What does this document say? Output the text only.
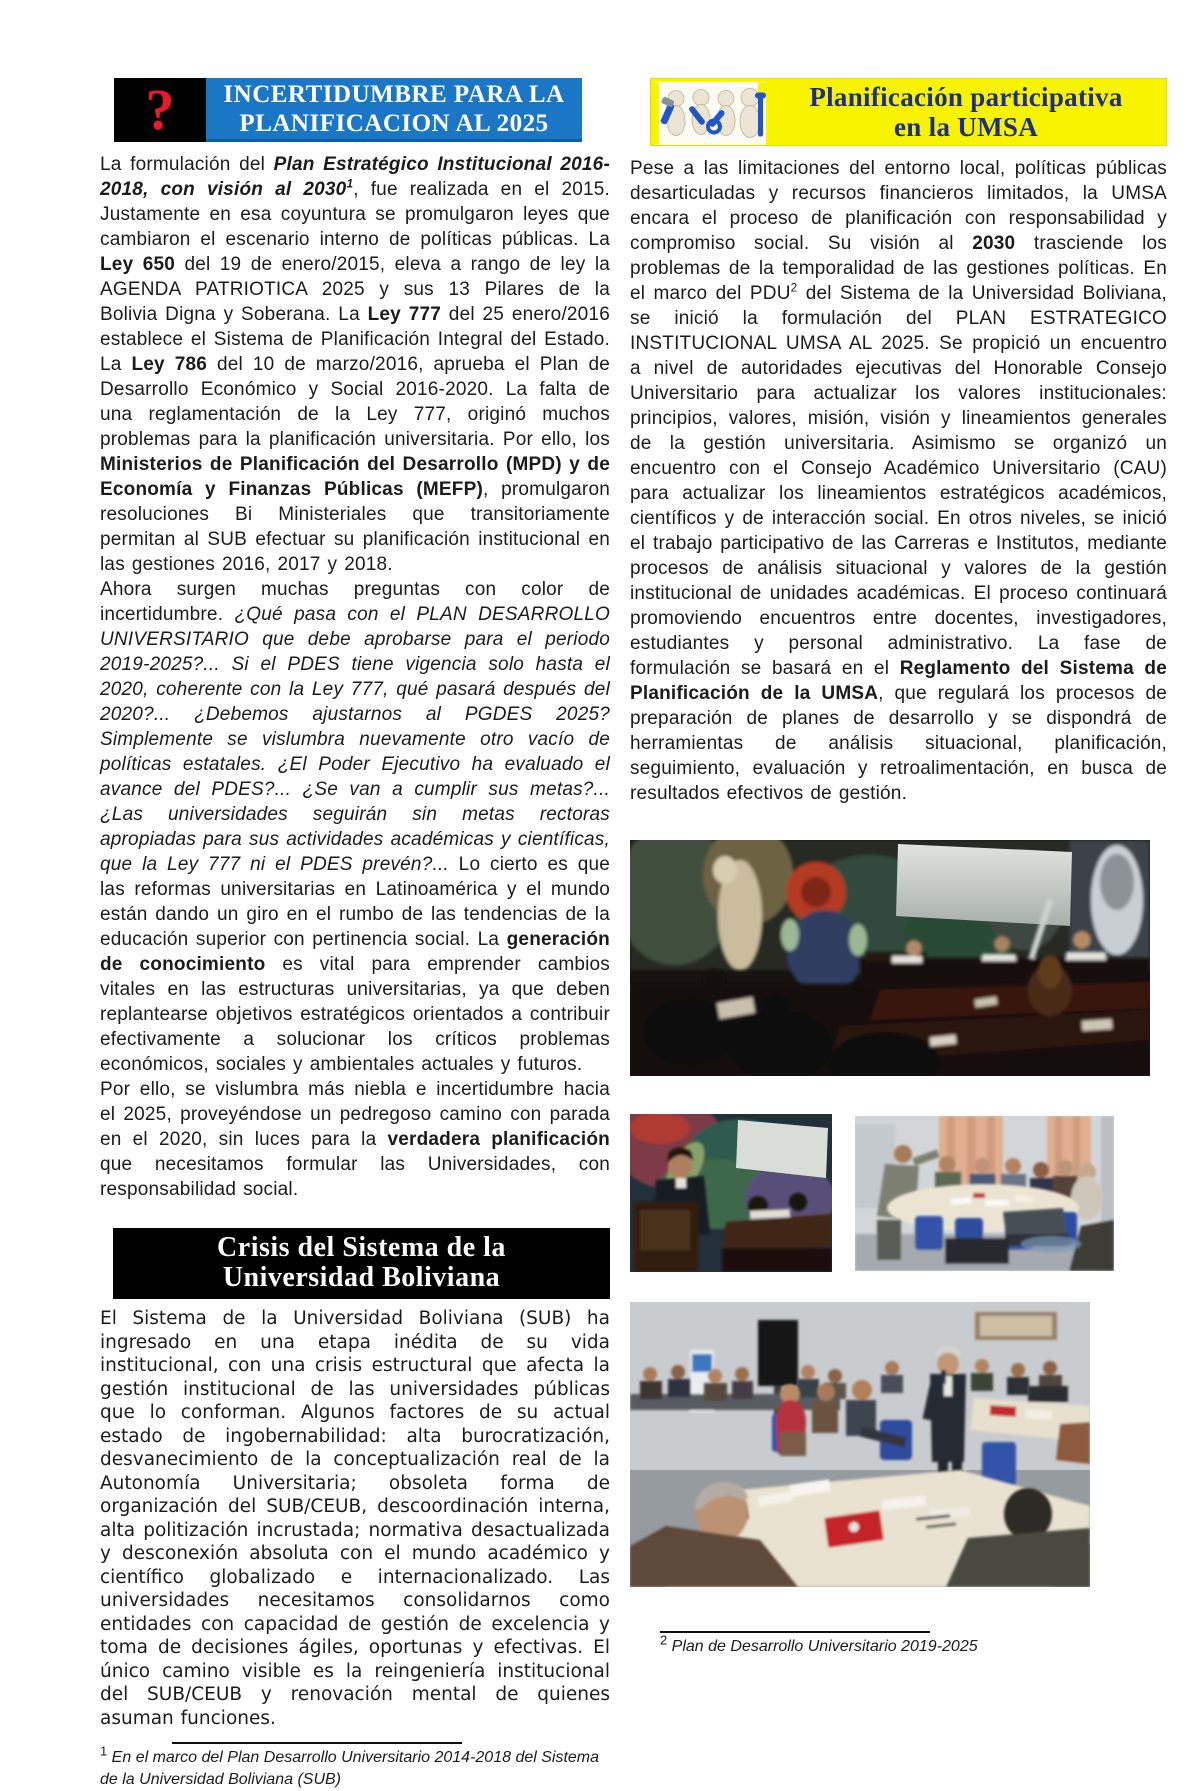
?	INCERTIDUMBRE PARA LA
PLANIFICACION AL 2025

La formulación del Plan Estratégico Institucional 2016-2018, con visión al 2030$^1$, fue realizada en el 2015. Justamente en esa coyuntura se promulgaron leyes que cambiaron el escenario interno de políticas públicas. La Ley 650 del 19 de enero/2015, eleva a rango de ley la AGENDA PATRIOTICA 2025 y sus 13 Pilares de la Bolivia Digna y Soberana. La Ley 777 del 25 enero/2016 establece el Sistema de Planificación Integral del Estado. La Ley 786 del 10 de marzo/2016, aprueba el Plan de Desarrollo Económico y Social 2016-2020. La falta de una reglamentación de la Ley 777, originó muchos problemas para la planificación universitaria. Por ello, los Ministerios de Planificación del Desarrollo (MPD) y de Economía y Finanzas Públicas (MEFP), promulgaron resoluciones Bi Ministeriales que transitoriamente permitan al SUB efectuar su planificación institucional en las gestiones 2016, 2017 y 2018.

Ahora surgen muchas preguntas con color de incertidumbre. ¿Qué pasa con el PLAN DESARROLLO UNIVERSITARIO que debe aprobarse para el periodo 2019-2025?... Si el PDES tiene vigencia solo hasta el 2020, coherente con la Ley 777, qué pasará después del 2020?... ¿Debemos ajustarnos al PGDES 2025? Simplemente se vislumbra nuevamente otro vacío de políticas estatales. ¿El Poder Ejecutivo ha evaluado el avance del PDES?... ¿Se van a cumplir sus metas?... ¿Las universidades seguirán sin metas rectoras apropiadas para sus actividades académicas y científicas, que la Ley 777 ni el PDES prevén?... Lo cierto es que las reformas universitarias en Latinoamérica y el mundo están dando un giro en el rumbo de las tendencias de la educación superior con pertinencia social. La generación de conocimiento es vital para emprender cambios vitales en las estructuras universitarias, ya que deben replantearse objetivos estratégicos orientados a contribuir efectivamente a solucionar los críticos problemas económicos, sociales y ambientales actuales y futuros.

Por ello, se vislumbra más niebla e incertidumbre hacia el 2025, proveyéndose un pedregoso camino con parada en el 2020, sin luces para la verdadera planificación que necesitamos formular las Universidades, con responsabilidad social.

Crisis del Sistema de la
Universidad Boliviana

El Sistema de la Universidad Boliviana (SUB) ha ingresado en una etapa inédita de su vida institucional, con una crisis estructural que afecta la gestión institucional de las universidades públicas que lo conforman. Algunos factores de su actual estado de ingobernabilidad: alta burocratización, desvanecimiento de la conceptualización real de la Autonomía Universitaria; obsoleta forma de organización del SUB/CEUB, descoordinación interna, alta politización incrustada; normativa desactualizada y desconexión absoluta con el mundo académico y científico globalizado e internacionalizado. Las universidades necesitamos consolidarnos como entidades con capacidad de gestión de excelencia y toma de decisiones ágiles, oportunas y efectivas. El único camino visible es la reingeniería institucional del SUB/CEUB y renovación mental de quienes asuman funciones.

$^1$ En el marco del Plan Desarrollo Universitario 2014-2018 del Sistema de la Universidad Boliviana (SUB)
Planificación participativa
en la UMSA

Pese a las limitaciones del entorno local, políticas públicas desarticuladas y recursos financieros limitados, la UMSA encara el proceso de planificación con responsabilidad y compromiso social. Su visión al 2030 trasciende los problemas de la temporalidad de las gestiones políticas. En el marco del PDU$^2$ del Sistema de la Universidad Boliviana, se inició la formulación del PLAN ESTRATEGICO INSTITUCIONAL UMSA AL 2025. Se propició un encuentro a nivel de autoridades ejecutivas del Honorable Consejo Universitario para actualizar los valores institucionales: principios, valores, misión, visión y lineamientos generales de la gestión universitaria. Asimismo se organizó un encuentro con el Consejo Académico Universitario (CAU) para actualizar los lineamientos estratégicos académicos, científicos y de interacción social. En otros niveles, se inició el trabajo participativo de las Carreras e Institutos, mediante procesos de análisis situacional y valores de la gestión institucional de unidades académicas. El proceso continuará promoviendo encuentros entre docentes, investigadores, estudiantes y personal administrativo. La fase de formulación se basará en el Reglamento del Sistema de Planificación de la UMSA, que regulará los procesos de preparación de planes de desarrollo y se dispondrá de herramientas de análisis situacional, planificación, seguimiento, evaluación y retroalimentación, en busca de resultados efectivos de gestión.

$^2$ Plan de Desarrollo Universitario 2019-2025
